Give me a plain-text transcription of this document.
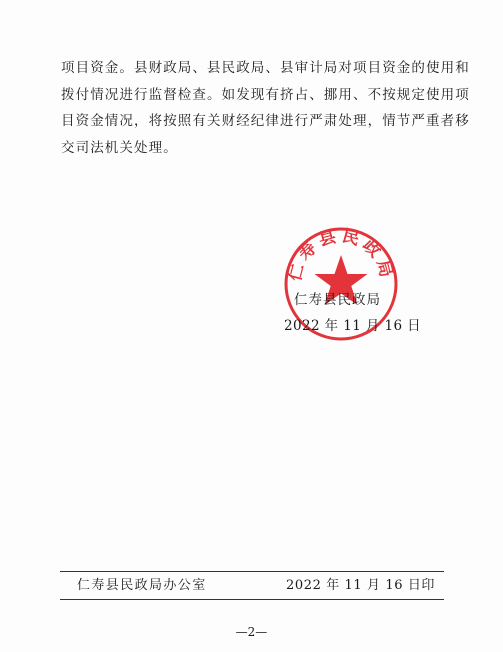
项目资金。县财政局、县民政局、县审计局对项目资金的使用和
拨付情况进行监督检查。如发现有挤占、挪用、不按规定使用项
目资金情况，将按照有关财经纪律进行严肃处理，情节严重者移
交司法机关处理。
仁寿县民政局
仁寿县民政局
2022 年 11 月 16 日
仁寿县民政局办公室	2022 年 11 月 16 日印
—2—
